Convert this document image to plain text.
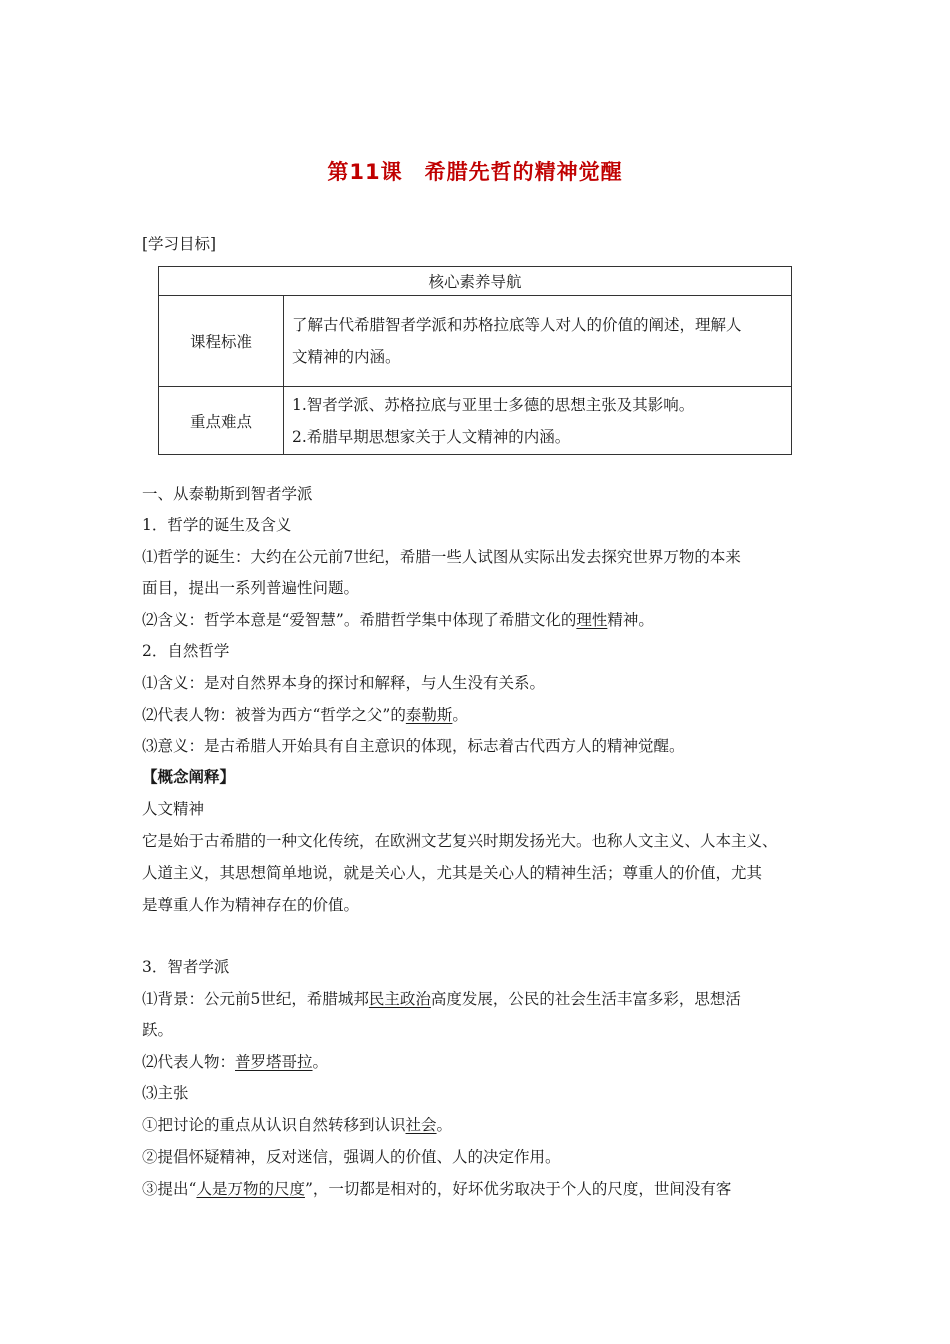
第11课 希腊先哲的精神觉醒
[学习目标]
核心素养导航	
课程标准	了解古代希腊智者学派和苏格拉底等人对人的价值的阐述，理解人
文精神的内涵。

重点难点	1.智者学派、苏格拉底与亚里士多德的思想主张及其影响。
2.希腊早期思想家关于人文精神的内涵。
一、从泰勒斯到智者学派
1．哲学的诞生及含义
⑴哲学的诞生：大约在公元前7世纪，希腊一些人试图从实际出发去探究世界万物的本来
面目，提出一系列普遍性问题。
⑵含义：哲学本意是“爱智慧”。希腊哲学集中体现了希腊文化的理性精神。
2．自然哲学
⑴含义：是对自然界本身的探讨和解释，与人生没有关系。
⑵代表人物：被誉为西方“哲学之父”的泰勒斯。
⑶意义：是古希腊人开始具有自主意识的体现，标志着古代西方人的精神觉醒。
【概念阐释】
人文精神
它是始于古希腊的一种文化传统，在欧洲文艺复兴时期发扬光大。也称人文主义、人本主义、
人道主义，其思想简单地说，就是关心人，尤其是关心人的精神生活；尊重人的价值，尤其
是尊重人作为精神存在的价值。
3．智者学派
⑴背景：公元前5世纪，希腊城邦民主政治高度发展，公民的社会生活丰富多彩，思想活
跃。
⑵代表人物：普罗塔哥拉。
⑶主张
①把讨论的重点从认识自然转移到认识社会。
②提倡怀疑精神，反对迷信，强调人的价值、人的决定作用。
③提出“人是万物的尺度”，一切都是相对的，好坏优劣取决于个人的尺度，世间没有客
